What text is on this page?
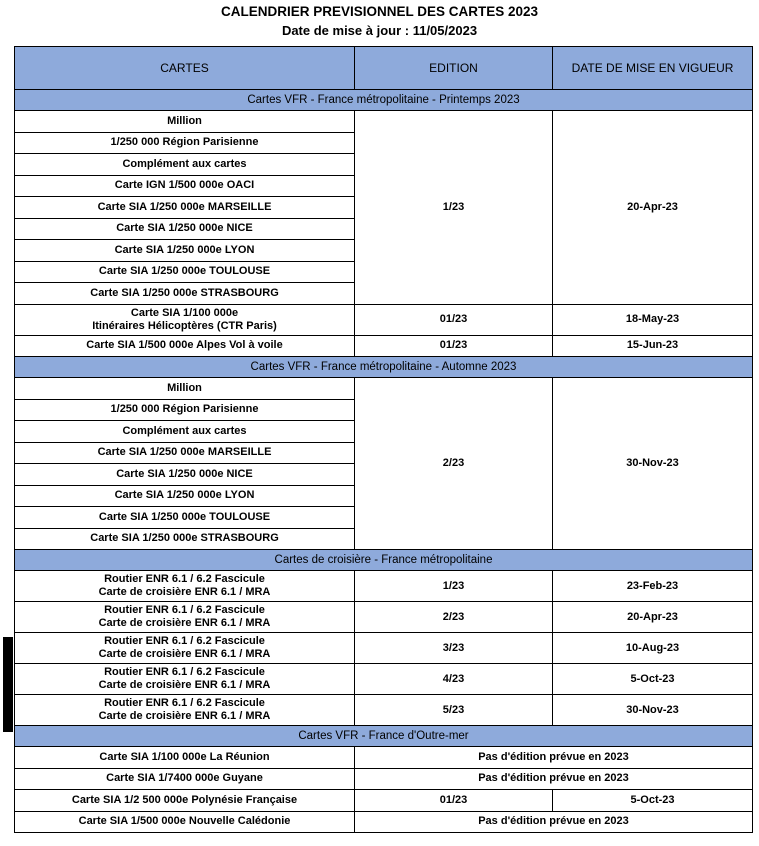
CALENDRIER PREVISIONNEL DES CARTES 2023
Date de mise à jour : 11/05/2023
CARTES	EDITION	DATE DE MISE EN VIGUEUR
Cartes VFR - France métropolitaine - Printemps 2023		
Million	1/23	20-Apr-23
1/250 000 Région Parisienne		
Complément aux cartes		
Carte IGN 1/500 000e OACI		
Carte SIA 1/250 000e MARSEILLE		
Carte SIA 1/250 000e NICE		
Carte SIA 1/250 000e LYON		
Carte SIA 1/250 000e TOULOUSE		
Carte SIA 1/250 000e STRASBOURG		

Carte SIA 1/100 000e
Itinéraires Hélicoptères (CTR Paris)	01/23	18-May-23
Carte SIA 1/500 000e Alpes Vol à voile	01/23	15-Jun-23
Cartes VFR - France métropolitaine - Automne 2023		
Million	2/23	30-Nov-23
1/250 000 Région Parisienne		
Complément aux cartes		
Carte SIA 1/250 000e MARSEILLE		
Carte SIA 1/250 000e NICE		
Carte SIA 1/250 000e LYON		
Carte SIA 1/250 000e TOULOUSE		
Carte SIA 1/250 000e STRASBOURG		
Cartes de croisière - France métropolitaine		

Routier ENR 6.1 / 6.2 Fascicule
Carte de croisière ENR 6.1 / MRA	1/23	23-Feb-23

Routier ENR 6.1 / 6.2 Fascicule
Carte de croisière ENR 6.1 / MRA	2/23	20-Apr-23

Routier ENR 6.1 / 6.2 Fascicule
Carte de croisière ENR 6.1 / MRA	3/23	10-Aug-23

Routier ENR 6.1 / 6.2 Fascicule
Carte de croisière ENR 6.1 / MRA	4/23	5-Oct-23

Routier ENR 6.1 / 6.2 Fascicule
Carte de croisière ENR 6.1 / MRA	5/23	30-Nov-23
Cartes VFR - France d'Outre-mer		
Carte SIA 1/100 000e La Réunion	Pas d'édition prévue en 2023	
Carte SIA 1/7400 000e Guyane	Pas d'édition prévue en 2023	
Carte SIA 1/2 500 000e Polynésie Française	01/23	5-Oct-23
Carte SIA 1/500 000e Nouvelle Calédonie	Pas d'édition prévue en 2023	
